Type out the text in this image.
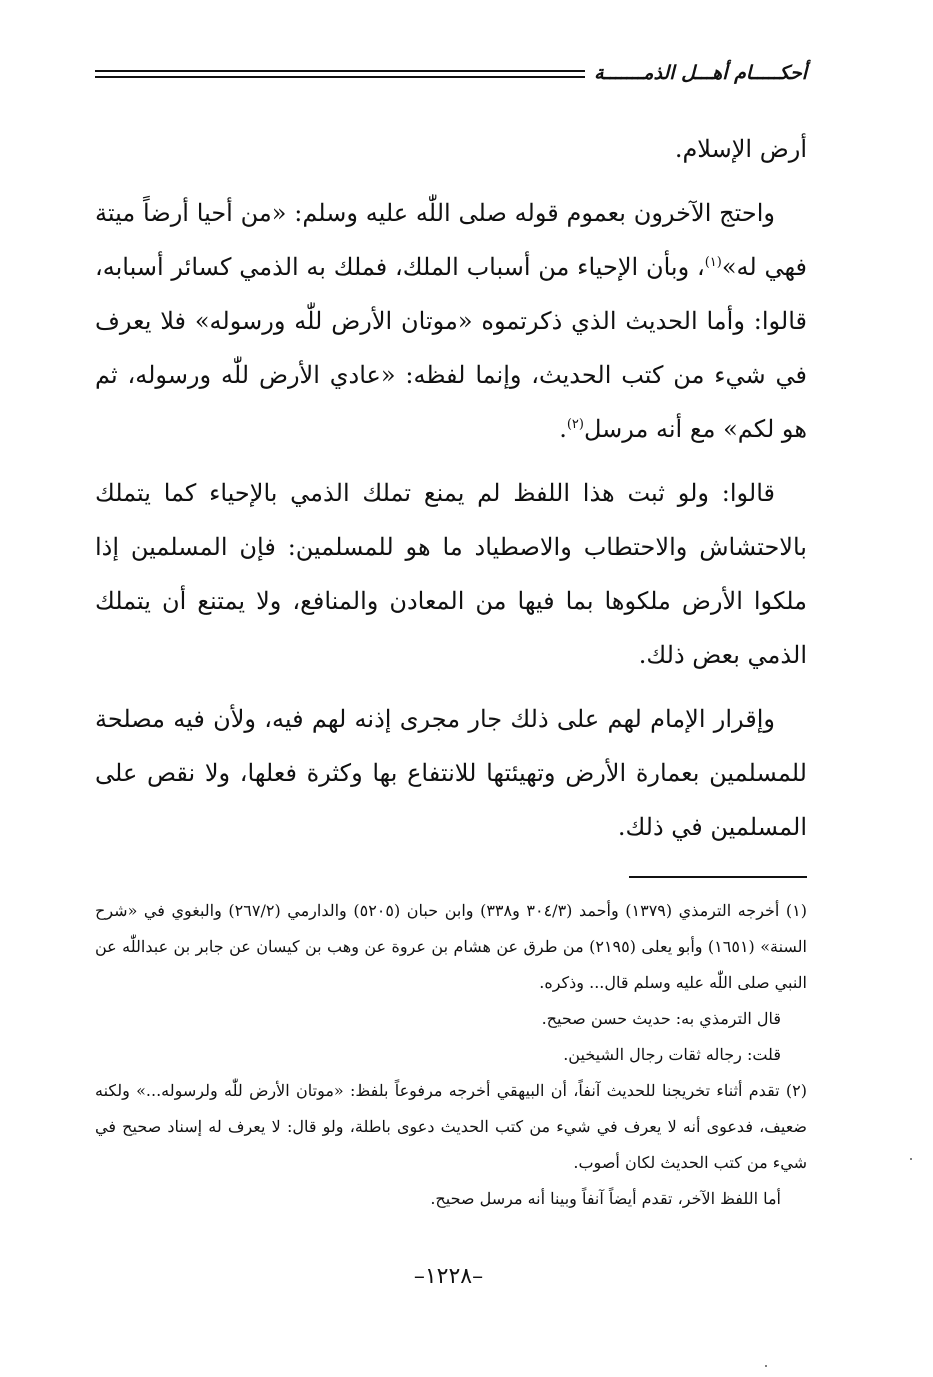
أحكـــــام أهـــل الذمـــــــة

أرض الإسلام.

واحتج الآخرون بعموم قوله صلى اللّٰه عليه وسلم: «من أحيا أرضاً ميتة فهي له»$^{(١)}$، وبأن الإحياء من أسباب الملك، فملك به الذمي كسائر أسبابه، قالوا: وأما الحديث الذي ذكرتموه «موتان الأرض للّٰه ورسوله» فلا يعرف في شيء من كتب الحديث، وإنما لفظه: «عادي الأرض للّٰه ورسوله، ثم هو لكم» مع أنه مرسل$^{(٢)}$.

قالوا: ولو ثبت هذا اللفظ لم يمنع تملك الذمي بالإحياء كما يتملك بالاحتشاش والاحتطاب والاصطياد ما هو للمسلمين: فإن المسلمين إذا ملكوا الأرض ملكوها بما فيها من المعادن والمنافع، ولا يمتنع أن يتملك الذمي بعض ذلك.

وإقرار الإمام لهم على ذلك جار مجرى إذنه لهم فيه، ولأن فيه مصلحة للمسلمين بعمارة الأرض وتهيئتها للانتفاع بها وكثرة فعلها، ولا نقص على المسلمين في ذلك.

(١) أخرجه الترمذي (١٣٧٩) وأحمد (٣٠٤/٣ و٣٣٨) وابن حبان (٥٢٠٥) والدارمي (٢٦٧/٢) والبغوي في «شرح السنة» (١٦٥١) وأبو يعلى (٢١٩٥) من طرق عن هشام بن عروة عن وهب بن كيسان عن جابر بن عبداللّٰه عن النبي صلى اللّٰه عليه وسلم قال... وذكره.

قال الترمذي به: حديث حسن صحيح.

قلت: رجاله ثقات رجال الشيخين.

(٢) تقدم أثناء تخريجنا للحديث آنفاً، أن البيهقي أخرجه مرفوعاً بلفظ: «موتان الأرض للّٰه ولرسوله...» ولكنه ضعيف، فدعوى أنه لا يعرف في شيء من كتب الحديث دعوى باطلة، ولو قال: لا يعرف له إسناد صحيح في شيء من كتب الحديث لكان أصوب.

أما اللفظ الآخر، تقدم أيضاً آنفاً وبينا أنه مرسل صحيح.

–١٢٢٨–
